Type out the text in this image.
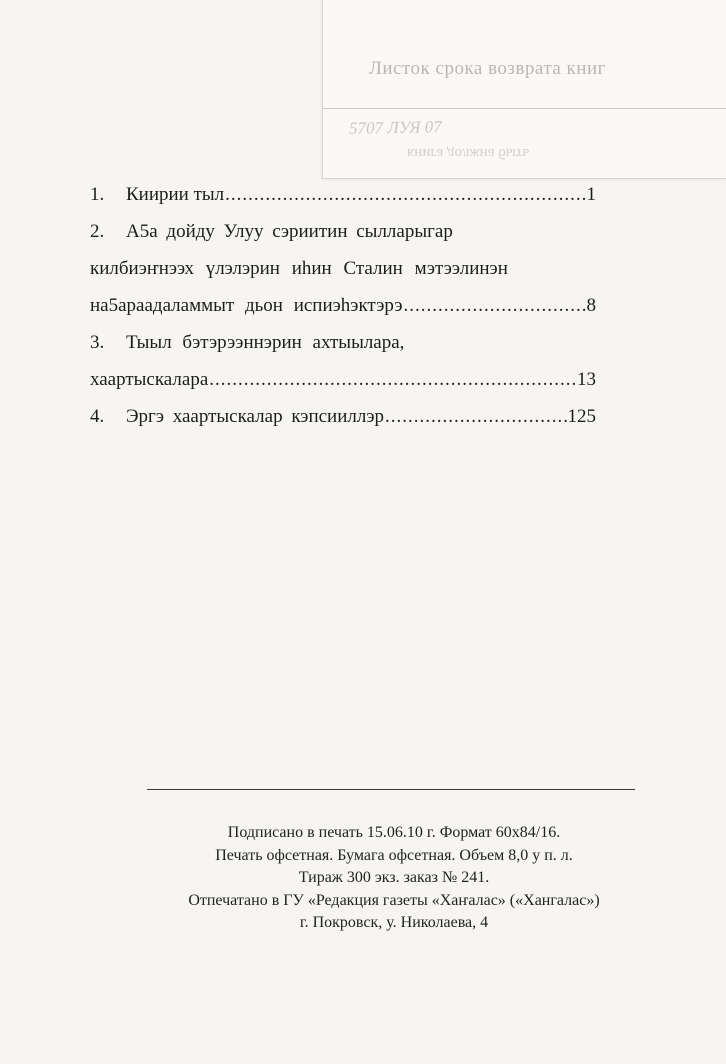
Листок срока возврата книг
5707 ЛУЯ 07
книга должна быть
1. Киирии тыл .....	1
2. А5а дойду Улуу сэриитин сылларыгар
килбиэҥнээх үлэлэрин иһин Сталин мэтээлинэн
на5араадаламмыт дьон испиэһэктэрэ .....	8
3. Тыыл бэтэрээннэрин ахтыылара,
хаартыскалара .....	13
4. Эргэ хаартыскалар кэпсииллэр .....	125
Подписано в печать 15.06.10 г. Формат 60х84/16.
Печать офсетная. Бумага офсетная. Объем 8,0 у п. л.
Тираж 300 экз. заказ № 241.
Отпечатано в ГУ «Редакция газеты «Хаҥалас» («Хангалас»)
г. Покровск, у. Николаева, 4
